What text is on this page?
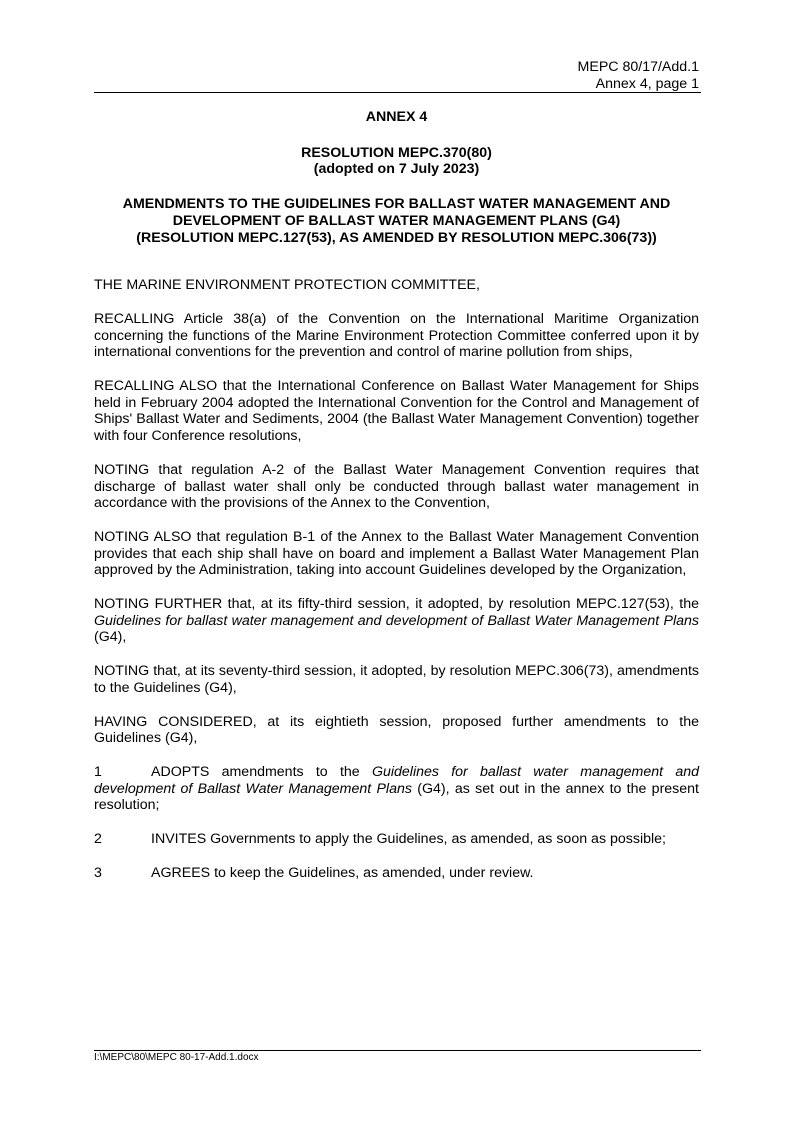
MEPC 80/17/Add.1
Annex 4, page 1
ANNEX 4
RESOLUTION MEPC.370(80)
(adopted on 7 July 2023)
AMENDMENTS TO THE GUIDELINES FOR BALLAST WATER MANAGEMENT AND
DEVELOPMENT OF BALLAST WATER MANAGEMENT PLANS (G4)
(RESOLUTION MEPC.127(53), AS AMENDED BY RESOLUTION MEPC.306(73))

THE MARINE ENVIRONMENT PROTECTION COMMITTEE,

RECALLING Article 38(a) of the Convention on the International Maritime Organization concerning the functions of the Marine Environment Protection Committee conferred upon it by international conventions for the prevention and control of marine pollution from ships,

RECALLING ALSO that the International Conference on Ballast Water Management for Ships held in February 2004 adopted the International Convention for the Control and Management of Ships' Ballast Water and Sediments, 2004 (the Ballast Water Management Convention) together with four Conference resolutions,

NOTING that regulation A-2 of the Ballast Water Management Convention requires that discharge of ballast water shall only be conducted through ballast water management in accordance with the provisions of the Annex to the Convention,

NOTING ALSO that regulation B-1 of the Annex to the Ballast Water Management Convention provides that each ship shall have on board and implement a Ballast Water Management Plan approved by the Administration, taking into account Guidelines developed by the Organization,

NOTING FURTHER that, at its fifty-third session, it adopted, by resolution MEPC.127(53), the Guidelines for ballast water management and development of Ballast Water Management Plans (G4),

NOTING that, at its seventy-third session, it adopted, by resolution MEPC.306(73), amendments to the Guidelines (G4),

HAVING CONSIDERED, at its eightieth session, proposed further amendments to the Guidelines (G4),

1	ADOPTS amendments to the Guidelines for ballast water management and development of Ballast Water Management Plans (G4), as set out in the annex to the present resolution;

2	INVITES Governments to apply the Guidelines, as amended, as soon as possible;

3	AGREES to keep the Guidelines, as amended, under review.

I:\MEPC\80\MEPC 80-17-Add.1.docx
